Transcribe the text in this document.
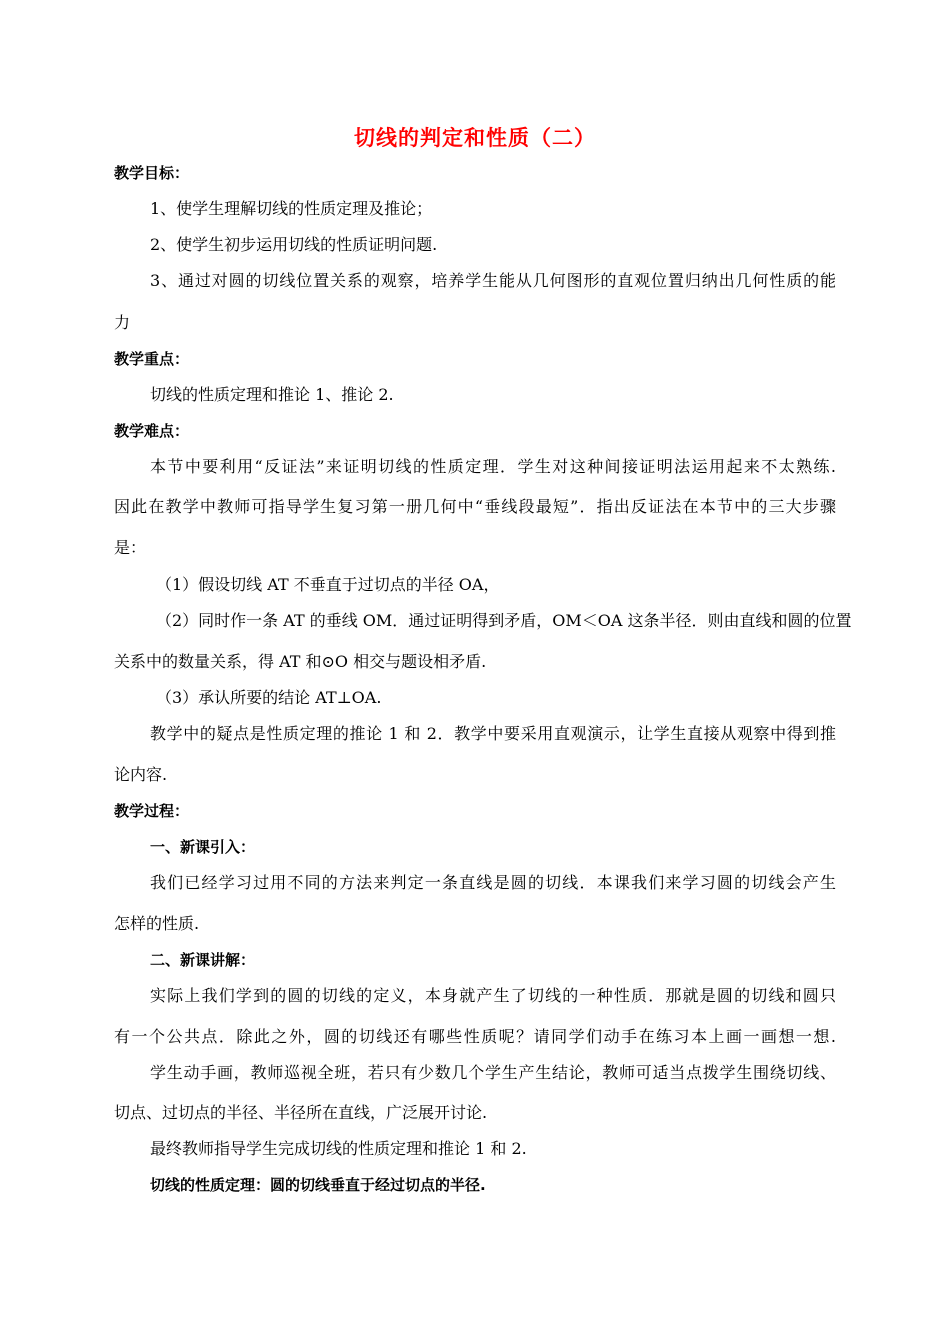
切线的判定和性质（二）
教学目标：
1、使学生理解切线的性质定理及推论；
2、使学生初步运用切线的性质证明问题.
3、通过对圆的切线位置关系的观察，培养学生能从几何图形的直观位置归纳出几何性质的能
力
教学重点：
切线的性质定理和推论 1、推论 2.
教学难点：
本节中要利用“反证法”来证明切线的性质定理．学生对这种间接证明法运用起来不太熟练.
因此在教学中教师可指导学生复习第一册几何中“垂线段最短”．指出反证法在本节中的三大步骤
是：
（1）假设切线 AT 不垂直于过切点的半径 OA，
（2）同时作一条 AT 的垂线 OM．通过证明得到矛盾，OM＜OA 这条半径．则由直线和圆的位置
关系中的数量关系，得 AT 和⊙O 相交与题设相矛盾.
（3）承认所要的结论 AT⊥OA.
教学中的疑点是性质定理的推论 1 和 2．教学中要采用直观演示，让学生直接从观察中得到推
论内容.
教学过程：
一、新课引入：
我们已经学习过用不同的方法来判定一条直线是圆的切线．本课我们来学习圆的切线会产生
怎样的性质.
二、新课讲解：
实际上我们学到的圆的切线的定义，本身就产生了切线的一种性质．那就是圆的切线和圆只
有一个公共点．除此之外，圆的切线还有哪些性质呢？请同学们动手在练习本上画一画想一想.
学生动手画，教师巡视全班，若只有少数几个学生产生结论，教师可适当点拨学生围绕切线、
切点、过切点的半径、半径所在直线，广泛展开讨论.
最终教师指导学生完成切线的性质定理和推论 1 和 2.
切线的性质定理：圆的切线垂直于经过切点的半径.
